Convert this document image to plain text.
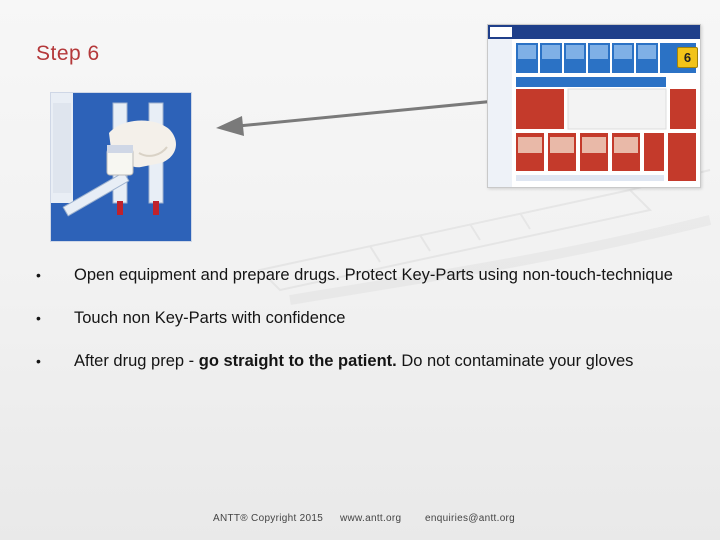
Step 6	6
• Open equipment and prepare drugs. Protect Key-Parts using non-touch-technique
• Touch non Key-Parts with confidence
• After drug prep - go straight to the patient. Do not contaminate your gloves
ANTT® Copyright 2015 www.antt.org enquiries@antt.org
